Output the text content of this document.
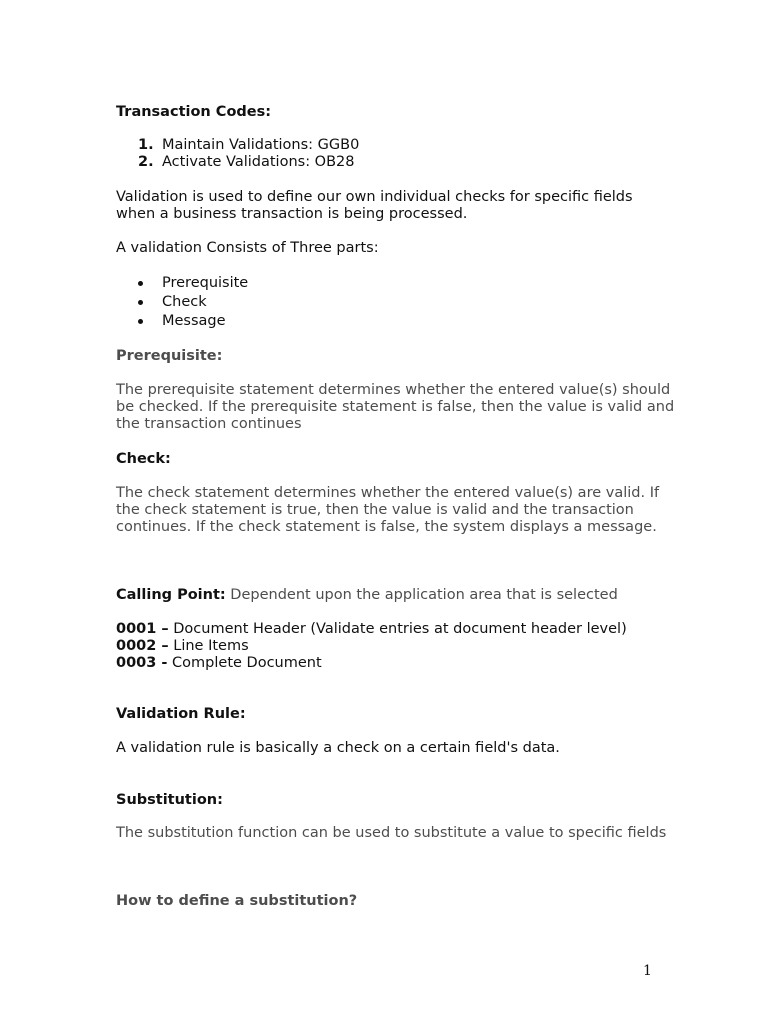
Transaction Codes:

1. Maintain Validations: GGB0
2. Activate Validations: OB28

Validation is used to define our own individual checks for specific fields when a business transaction is being processed.

A validation Consists of Three parts:

Prerequisite
Check
Message

Prerequisite:

The prerequisite statement determines whether the entered value(s) should be checked. If the prerequisite statement is false, then the value is valid and the transaction continues

Check:

The check statement determines whether the entered value(s) are valid. If the check statement is true, then the value is valid and the transaction continues. If the check statement is false, the system displays a message.

Calling Point: Dependent upon the application area that is selected

0001 – Document Header (Validate entries at document header level)
0002 – Line Items
0003 - Complete Document

Validation Rule:

A validation rule is basically a check on a certain field's data.

Substitution:

The substitution function can be used to substitute a value to specific fields

How to define a substitution?

1
